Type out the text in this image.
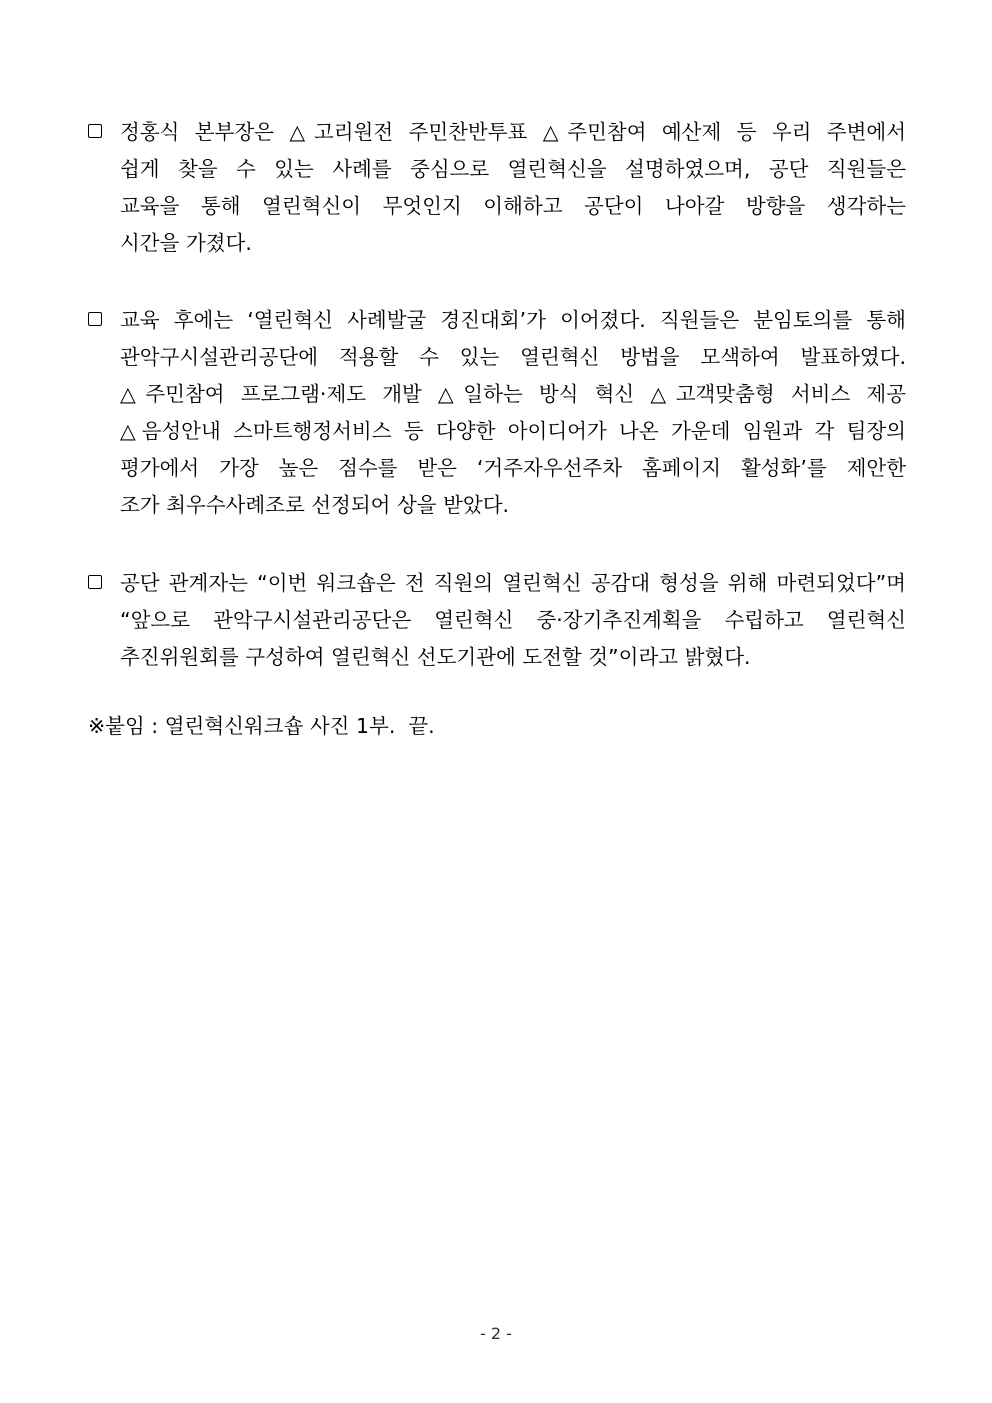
정홍식 본부장은 △고리원전 주민찬반투표 △주민참여 예산제 등 우리 주변에서
쉽게 찾을 수 있는 사례를 중심으로 열린혁신을 설명하였으며, 공단 직원들은
교육을 통해 열린혁신이 무엇인지 이해하고 공단이 나아갈 방향을 생각하는
시간을 가졌다.
교육 후에는 ‘열린혁신 사례발굴 경진대회’가 이어졌다. 직원들은 분임토의를 통해
관악구시설관리공단에 적용할 수 있는 열린혁신 방법을 모색하여 발표하였다.
△주민참여 프로그램·제도 개발 △일하는 방식 혁신 △고객맞춤형 서비스 제공
△음성안내 스마트행정서비스 등 다양한 아이디어가 나온 가운데 임원과 각 팀장의
평가에서 가장 높은 점수를 받은 ‘거주자우선주차 홈페이지 활성화’를 제안한
조가 최우수사례조로 선정되어 상을 받았다.
공단 관계자는 “이번 워크숍은 전 직원의 열린혁신 공감대 형성을 위해 마련되었다”며
“앞으로 관악구시설관리공단은 열린혁신 중·장기추진계획을 수립하고 열린혁신
추진위원회를 구성하여 열린혁신 선도기관에 도전할 것”이라고 밝혔다.
※붙임 : 열린혁신워크숍 사진 1부.  끝.
- 2 -
